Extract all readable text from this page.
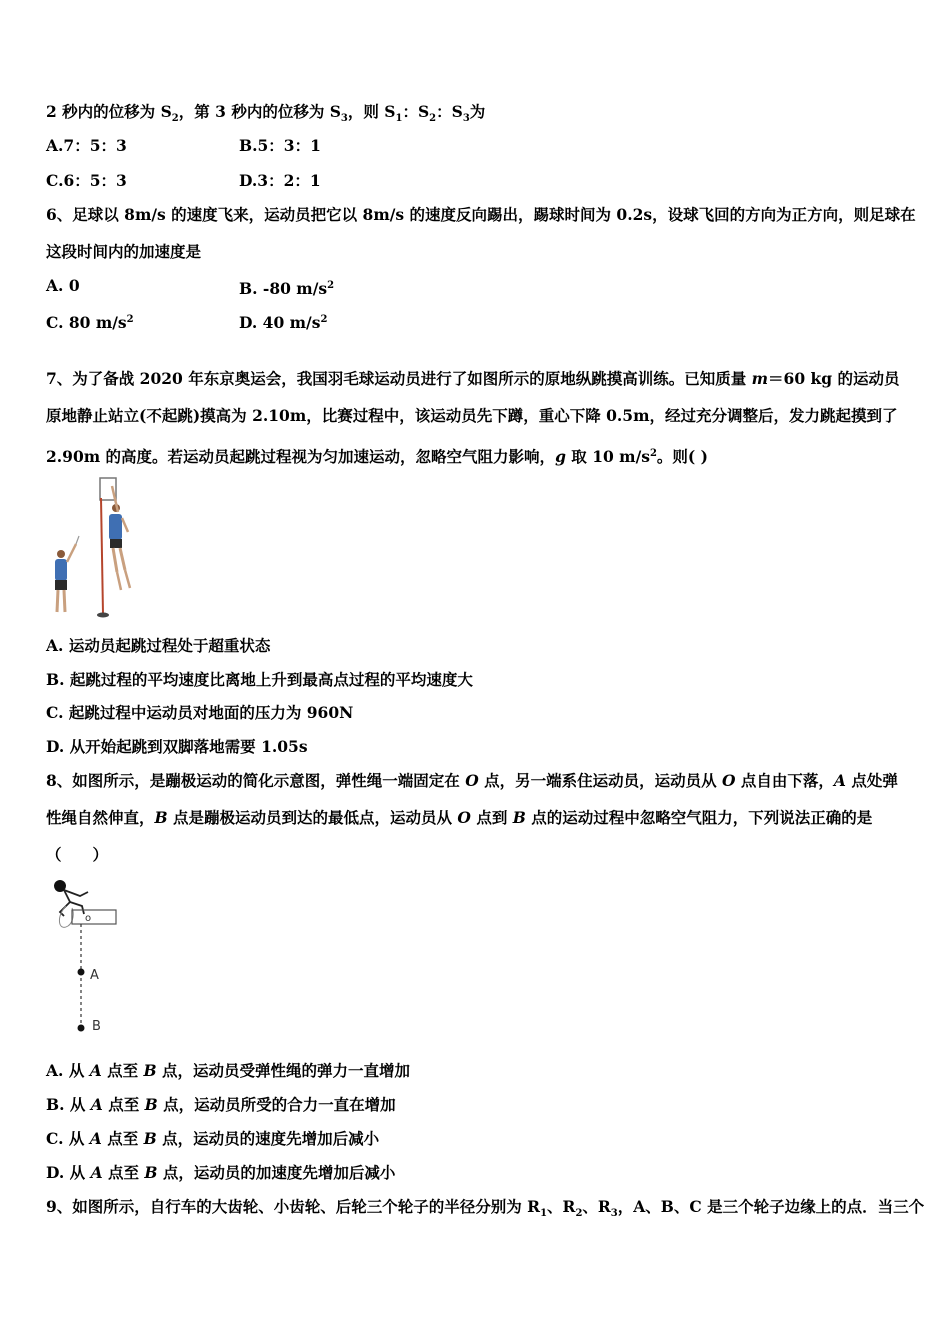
2 秒内的位移为 $S_2$，第 3 秒内的位移为 $S_3$，则 $S_1$：$S_2$：$S_3$为
A.7：5：3	B.5：3：1
C.6：5：3	D.3：2：1
6、足球以 8m/s 的速度飞来，运动员把它以 8m/s 的速度反向踢出，踢球时间为 0.2s，设球飞回的方向为正方向，则足球在
这段时间内的加速度是
A. 0	B. -80 $m/s^2$
C. 80 $m/s^2$	D. 40 $m/s^2$
7、为了备战 2020 年东京奥运会，我国羽毛球运动员进行了如图所示的原地纵跳摸高训练。已知质量 m＝60 kg 的运动员
原地静止站立(不起跳)摸高为 2.10m，比赛过程中，该运动员先下蹲，重心下降 0.5m，经过充分调整后，发力跳起摸到了
2.90m 的高度。若运动员起跳过程视为匀加速运动，忽略空气阻力影响，g 取 10 $m/s^2$。则( )
A. 运动员起跳过程处于超重状态
B. 起跳过程的平均速度比离地上升到最高点过程的平均速度大
C. 起跳过程中运动员对地面的压力为 960N
D. 从开始起跳到双脚落地需要 1.05s
8、如图所示，是蹦极运动的简化示意图，弹性绳一端固定在 O 点，另一端系住运动员，运动员从 O 点自由下落，A 点处弹
性绳自然伸直，B 点是蹦极运动员到达的最低点，运动员从 O 点到 B 点的运动过程中忽略空气阻力，下列说法正确的是
（　　）
o
A
B
A. 从 A 点至 B 点，运动员受弹性绳的弹力一直增加
B. 从 A 点至 B 点，运动员所受的合力一直在增加
C. 从 A 点至 B 点，运动员的速度先增加后减小
D. 从 A 点至 B 点，运动员的加速度先增加后减小
9、如图所示，自行车的大齿轮、小齿轮、后轮三个轮子的半径分别为 $R_1$、$R_2$、$R_3$，A、B、C 是三个轮子边缘上的点．当三个
